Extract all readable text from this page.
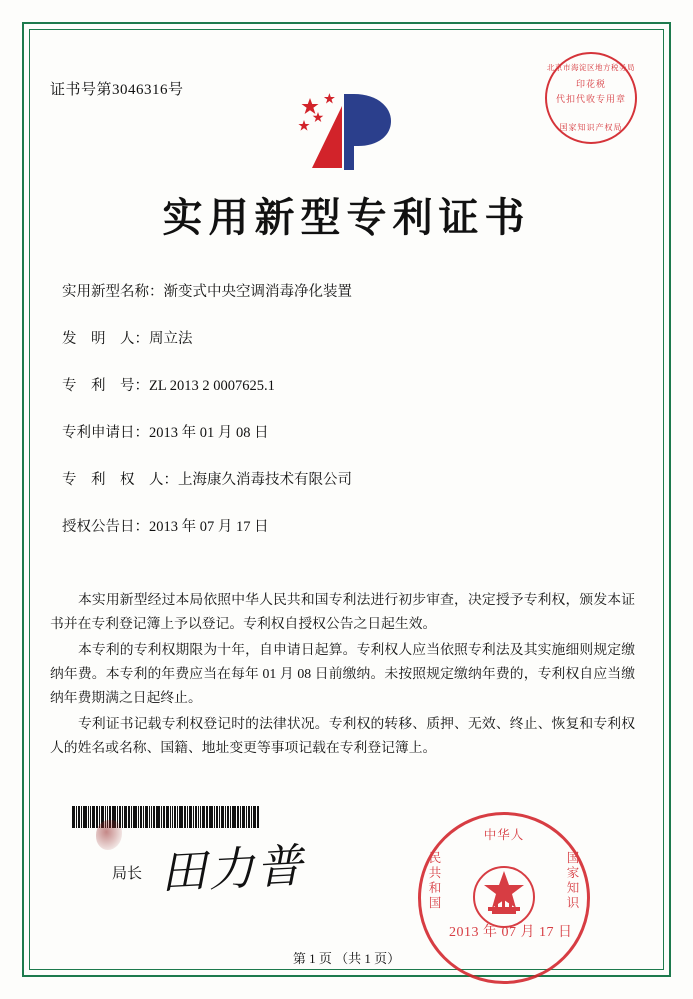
证书号第3046316号
北京市海淀区地方税务局
印花税
代扣代收专用章
国家知识产权局
实用新型专利证书
实用新型名称：渐变式中央空调消毒净化装置
发　明　人：周立法
专　利　号：ZL 2013 2 0007625.1
专利申请日：2013 年 01 月 08 日
专　利　权　人：上海康久消毒技术有限公司
授权公告日：2013 年 07 月 17 日

本实用新型经过本局依照中华人民共和国专利法进行初步审查，决定授予专利权，颁发本证书并在专利登记簿上予以登记。专利权自授权公告之日起生效。

本专利的专利权期限为十年，自申请日起算。专利权人应当依照专利法及其实施细则规定缴纳年费。本专利的年费应当在每年 01 月 08 日前缴纳。未按照规定缴纳年费的，专利权自应当缴纳年费期满之日起终止。

专利证书记载专利权登记时的法律状况。专利权的转移、质押、无效、终止、恢复和专利权人的姓名或名称、国籍、地址变更等事项记载在专利登记簿上。

局长 田力普
中华人
民共和国
国家知识
2013 年 07 月 17 日
第 1 页 （共 1 页）
